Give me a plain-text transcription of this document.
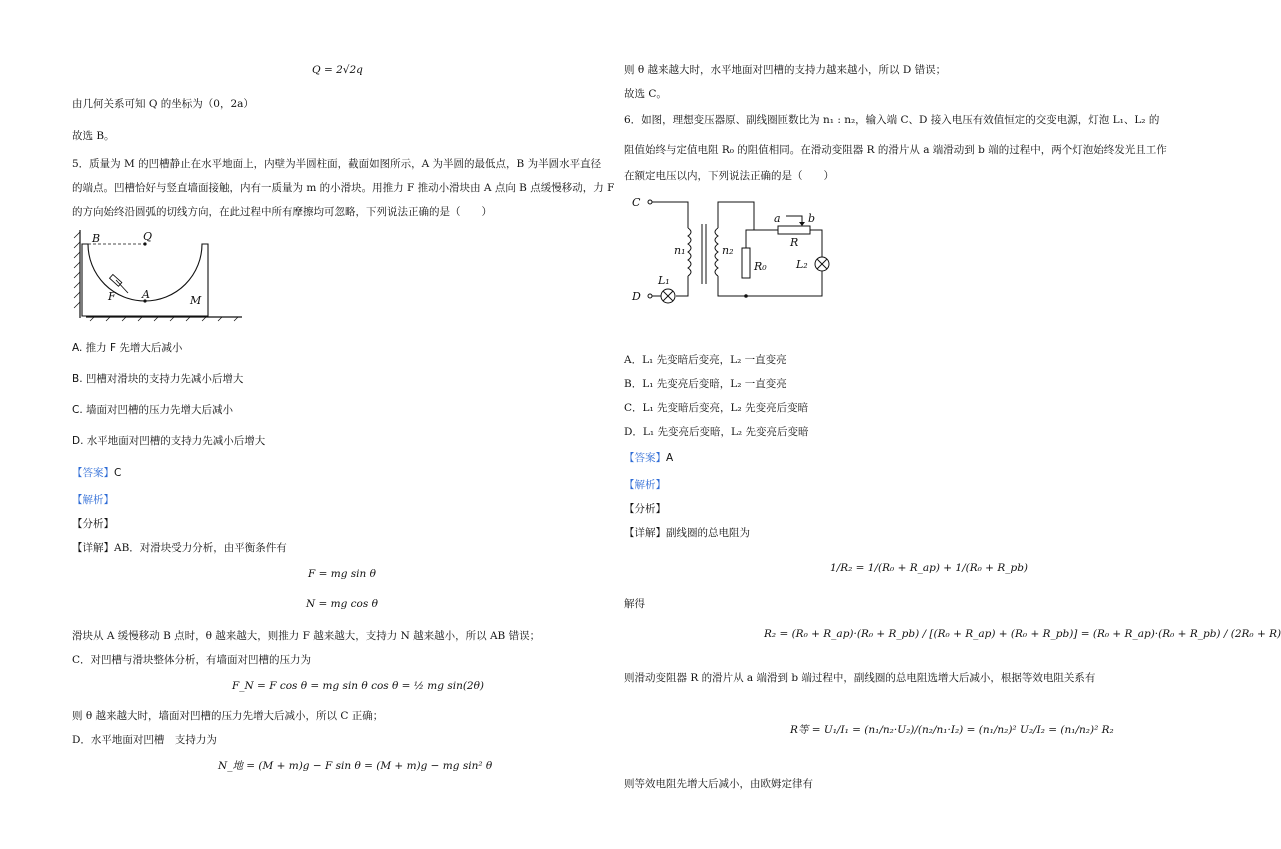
Q = 2√2q
由几何关系可知 Q 的坐标为（0，2a）
故选 B。
5．质量为 M 的凹槽静止在水平地面上，内壁为半圆柱面，截面如图所示，A 为半圆的最低点，B 为半圆水平直径
的端点。凹槽恰好与竖直墙面接触，内有一质量为 m 的小滑块。用推力 F 推动小滑块由 A 点向 B 点缓慢移动，力 F
的方向始终沿圆弧的切线方向，在此过程中所有摩擦均可忽略，下列说法正确的是（　　）
B	Q
F A	M
A. 推力 F 先增大后减小
B. 凹槽对滑块的支持力先减小后增大
C. 墙面对凹槽的压力先增大后减小
D. 水平地面对凹槽的支持力先减小后增大
【答案】C
【解析】
【分析】
【详解】AB．对滑块受力分析，由平衡条件有
F = mg sin θ
N = mg cos θ
滑块从 A 缓慢移动 B 点时，θ 越来越大，则推力 F 越来越大，支持力 N 越来越小，所以 AB 错误；
C．对凹槽与滑块整体分析，有墙面对凹槽的压力为
F_N = F cos θ = mg sin θ cos θ = ½ mg sin(2θ)
则 θ 越来越大时，墙面对凹槽的压力先增大后减小，所以 C 正确；
D．水平地面对凹槽　支持力为
N_地 = (M + m)g − F sin θ = (M + m)g − mg sin² θ
则 θ 越来越大时，水平地面对凹槽的支持力越来越小，所以 D 错误；
故选 C。
6．如图，理想变压器原、副线圈匝数比为 n₁ : n₂，输入端 C、D 接入电压有效值恒定的交变电源，灯泡 L₁、L₂ 的
阻值始终与定值电阻 R₀ 的阻值相同。在滑动变阻器 R 的滑片从 a 端滑动到 b 端的过程中，两个灯泡始终发光且工作
在额定电压以内，下列说法正确的是（　　）
C
D
a b
R
n₁	n₂
R₀
L₁
L₂
A．L₁ 先变暗后变亮，L₂ 一直变亮
B．L₁ 先变亮后变暗，L₂ 一直变亮
C．L₁ 先变暗后变亮，L₂ 先变亮后变暗
D．L₁ 先变亮后变暗，L₂ 先变亮后变暗
【答案】A
【解析】
【分析】
【详解】副线圈的总电阻为
1/R₂ = 1/(R₀ + R_ap) + 1/(R₀ + R_pb)
解得
R₂ = (R₀ + R_ap)·(R₀ + R_pb) / [(R₀ + R_ap) + (R₀ + R_pb)] = (R₀ + R_ap)·(R₀ + R_pb) / (2R₀ + R)
则滑动变阻器 R 的滑片从 a 端滑到 b 端过程中，副线圈的总电阻选增大后减小，根据等效电阻关系有
R等 = U₁/I₁ = (n₁/n₂·U₂)/(n₂/n₁·I₂) = (n₁/n₂)² U₂/I₂ = (n₁/n₂)² R₂
则等效电阻先增大后减小，由欧姆定律有
